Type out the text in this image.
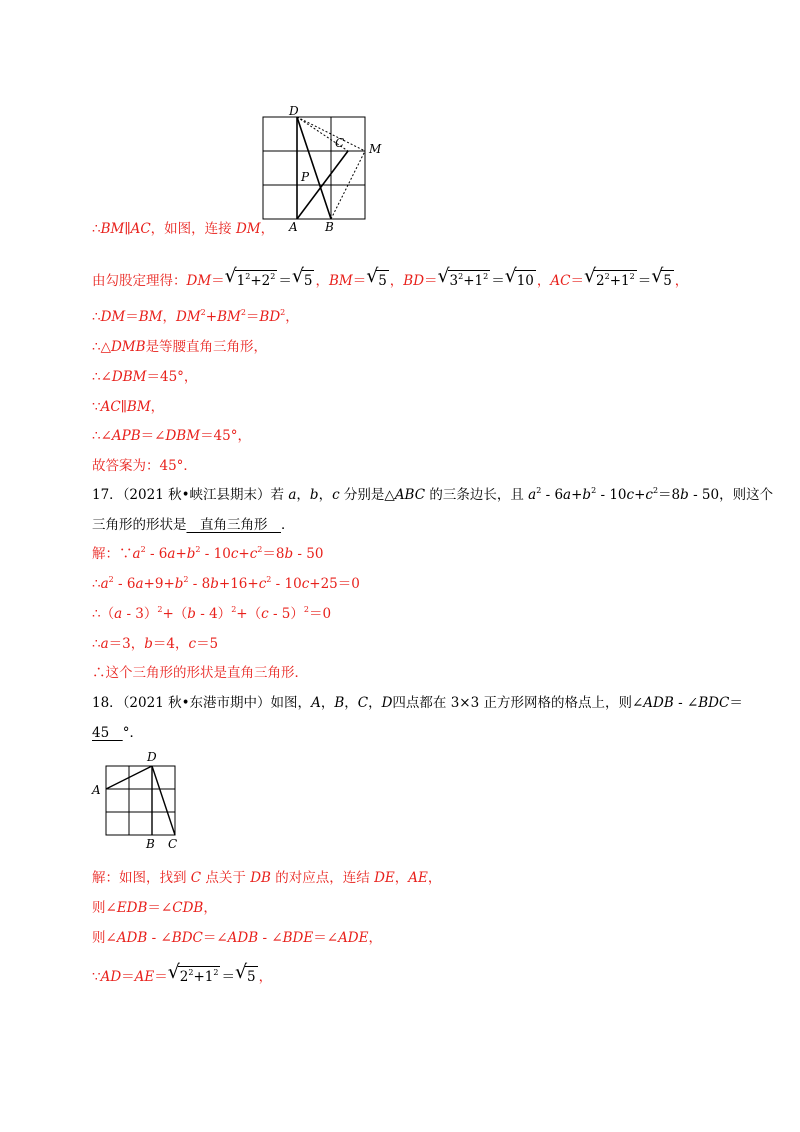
D
C M
P
A B
∴BM∥AC，如图，连接 DM，
由勾股定理得：DM＝ √ $1^2+2^2$ ＝ √ 5 ，BM＝ √ 5 ，BD＝ √ $3^2+1^2$ ＝ √ 10 ，AC＝ √ $2^2+1^2$ ＝ √ 5 ，
∴DM＝BM，$DM^2+BM^2=BD^2$，
∴△DMB是等腰直角三角形，
∴∠DBM＝45°，
∵AC∥BM，
∴∠APB＝∠DBM＝45°，
故答案为：45°．
17．（2021 秋•峡江县期末）若 a，b，c 分别是△ABC 的三条边长，且 $a^2 - 6a+b^2 - 10c+c^2=8b - 50$，则这个
三角形的形状是　直角三角形　．
解：$\because a^2 - 6a+b^2 - 10c+c^2=8b - 50$
$\therefore a^2 - 6a+9+b^2 - 8b+16+c^2 - 10c+25=0$
∴（a - 3）$^2$+（b - 4）$^2$+（c - 5）$^2$＝0
∴a＝3，b＝4，c＝5
∴这个三角形的形状是直角三角形．
18．（2021 秋•东港市期中）如图，A，B，C，D四点都在 3×3 正方形网格的格点上，则∠ADB - ∠BDC＝
45　°．
D
A
B C
解：如图，找到 C 点关于 DB 的对应点，连结 DE，AE，
则∠EDB＝∠CDB，
则∠ADB - ∠BDC＝∠ADB - ∠BDE＝∠ADE，
∵AD＝AE＝ √ $2^2+1^2$ ＝ √ 5 ，
